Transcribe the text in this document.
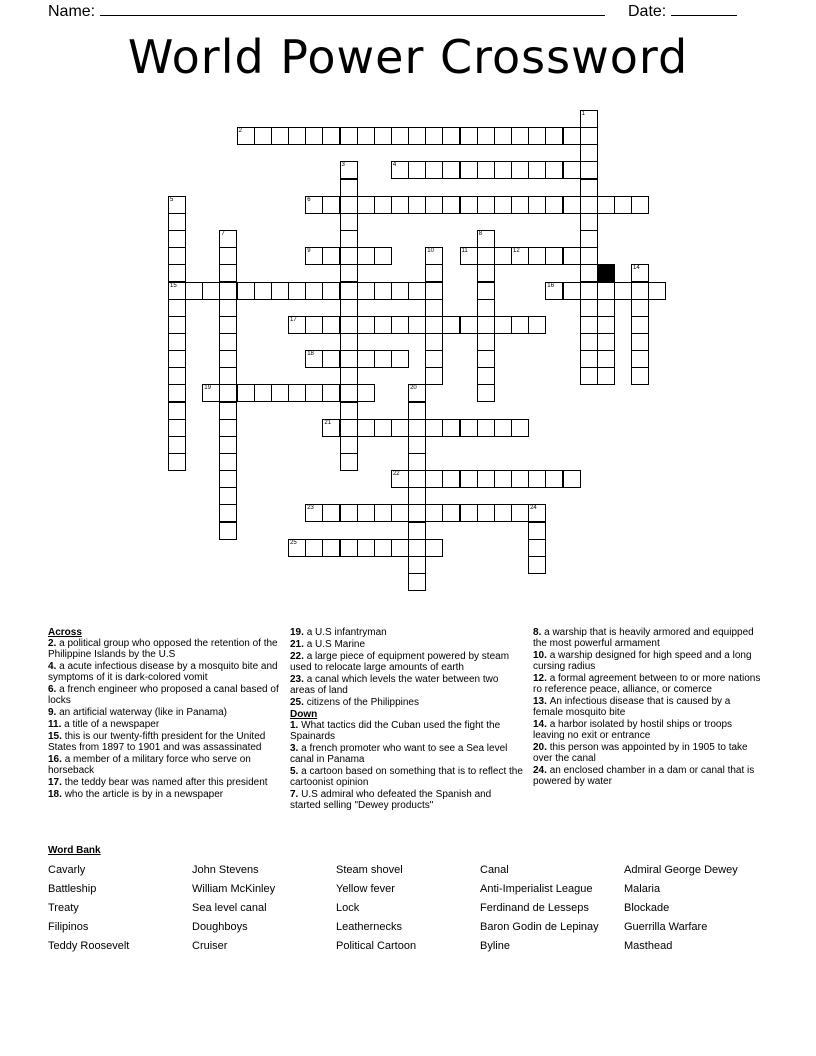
Name:	Date:
World Power Crossword
1
2
3	4
5
15
6
7	8
9	10	11	12
14
16
17
18
19	20
21
22
23	24
25
Across
2. a political group who opposed the retention of the Philippine Islands by the U.S
4. a acute infectious disease by a mosquito bite and symptoms of it is dark-colored vomit
6. a french engineer who proposed a canal based of locks
9. an artificial waterway (like in Panama)
11. a title of a newspaper
15. this is our twenty-fifth president for the United States from 1897 to 1901 and was assassinated
16. a member of a military force who serve on horseback
17. the teddy bear was named after this president
18. who the article is by in a newspaper
19. a U.S infantryman
21. a U.S Marine
22. a large piece of equipment powered by steam used to relocate large amounts of earth
23. a canal which levels the water between two areas of land
25. citizens of the Philippines
Down
1. What tactics did the Cuban used the fight the Spainards
3. a french promoter who want to see a Sea level canal in Panama
5. a cartoon based on something that is to reflect the cartoonist opinion
7. U.S admiral who defeated the Spanish and started selling "Dewey products"
8. a warship that is heavily armored and equipped the most powerful armament
10. a warship designed for high speed and a long cursing radius
12. a formal agreement between to or more nations ro reference peace, alliance, or comerce
13. An infectious disease that is caused by a female mosquito bite
14. a harbor isolated by hostil ships or troops leaving no exit or entrance
20. this person was appointed by in 1905 to take over the canal
24. an enclosed chamber in a dam or canal that is powered by water
Word Bank
Cavarly	John Stevens	Steam shovel	Canal	Admiral George Dewey
Battleship	William McKinley	Yellow fever	Anti-Imperialist League	Malaria
Treaty	Sea level canal	Lock	Ferdinand de Lesseps	Blockade
Filipinos	Doughboys	Leathernecks	Baron Godin de Lepinay	Guerrilla Warfare
Teddy Roosevelt	Cruiser	Political Cartoon	Byline	Masthead
